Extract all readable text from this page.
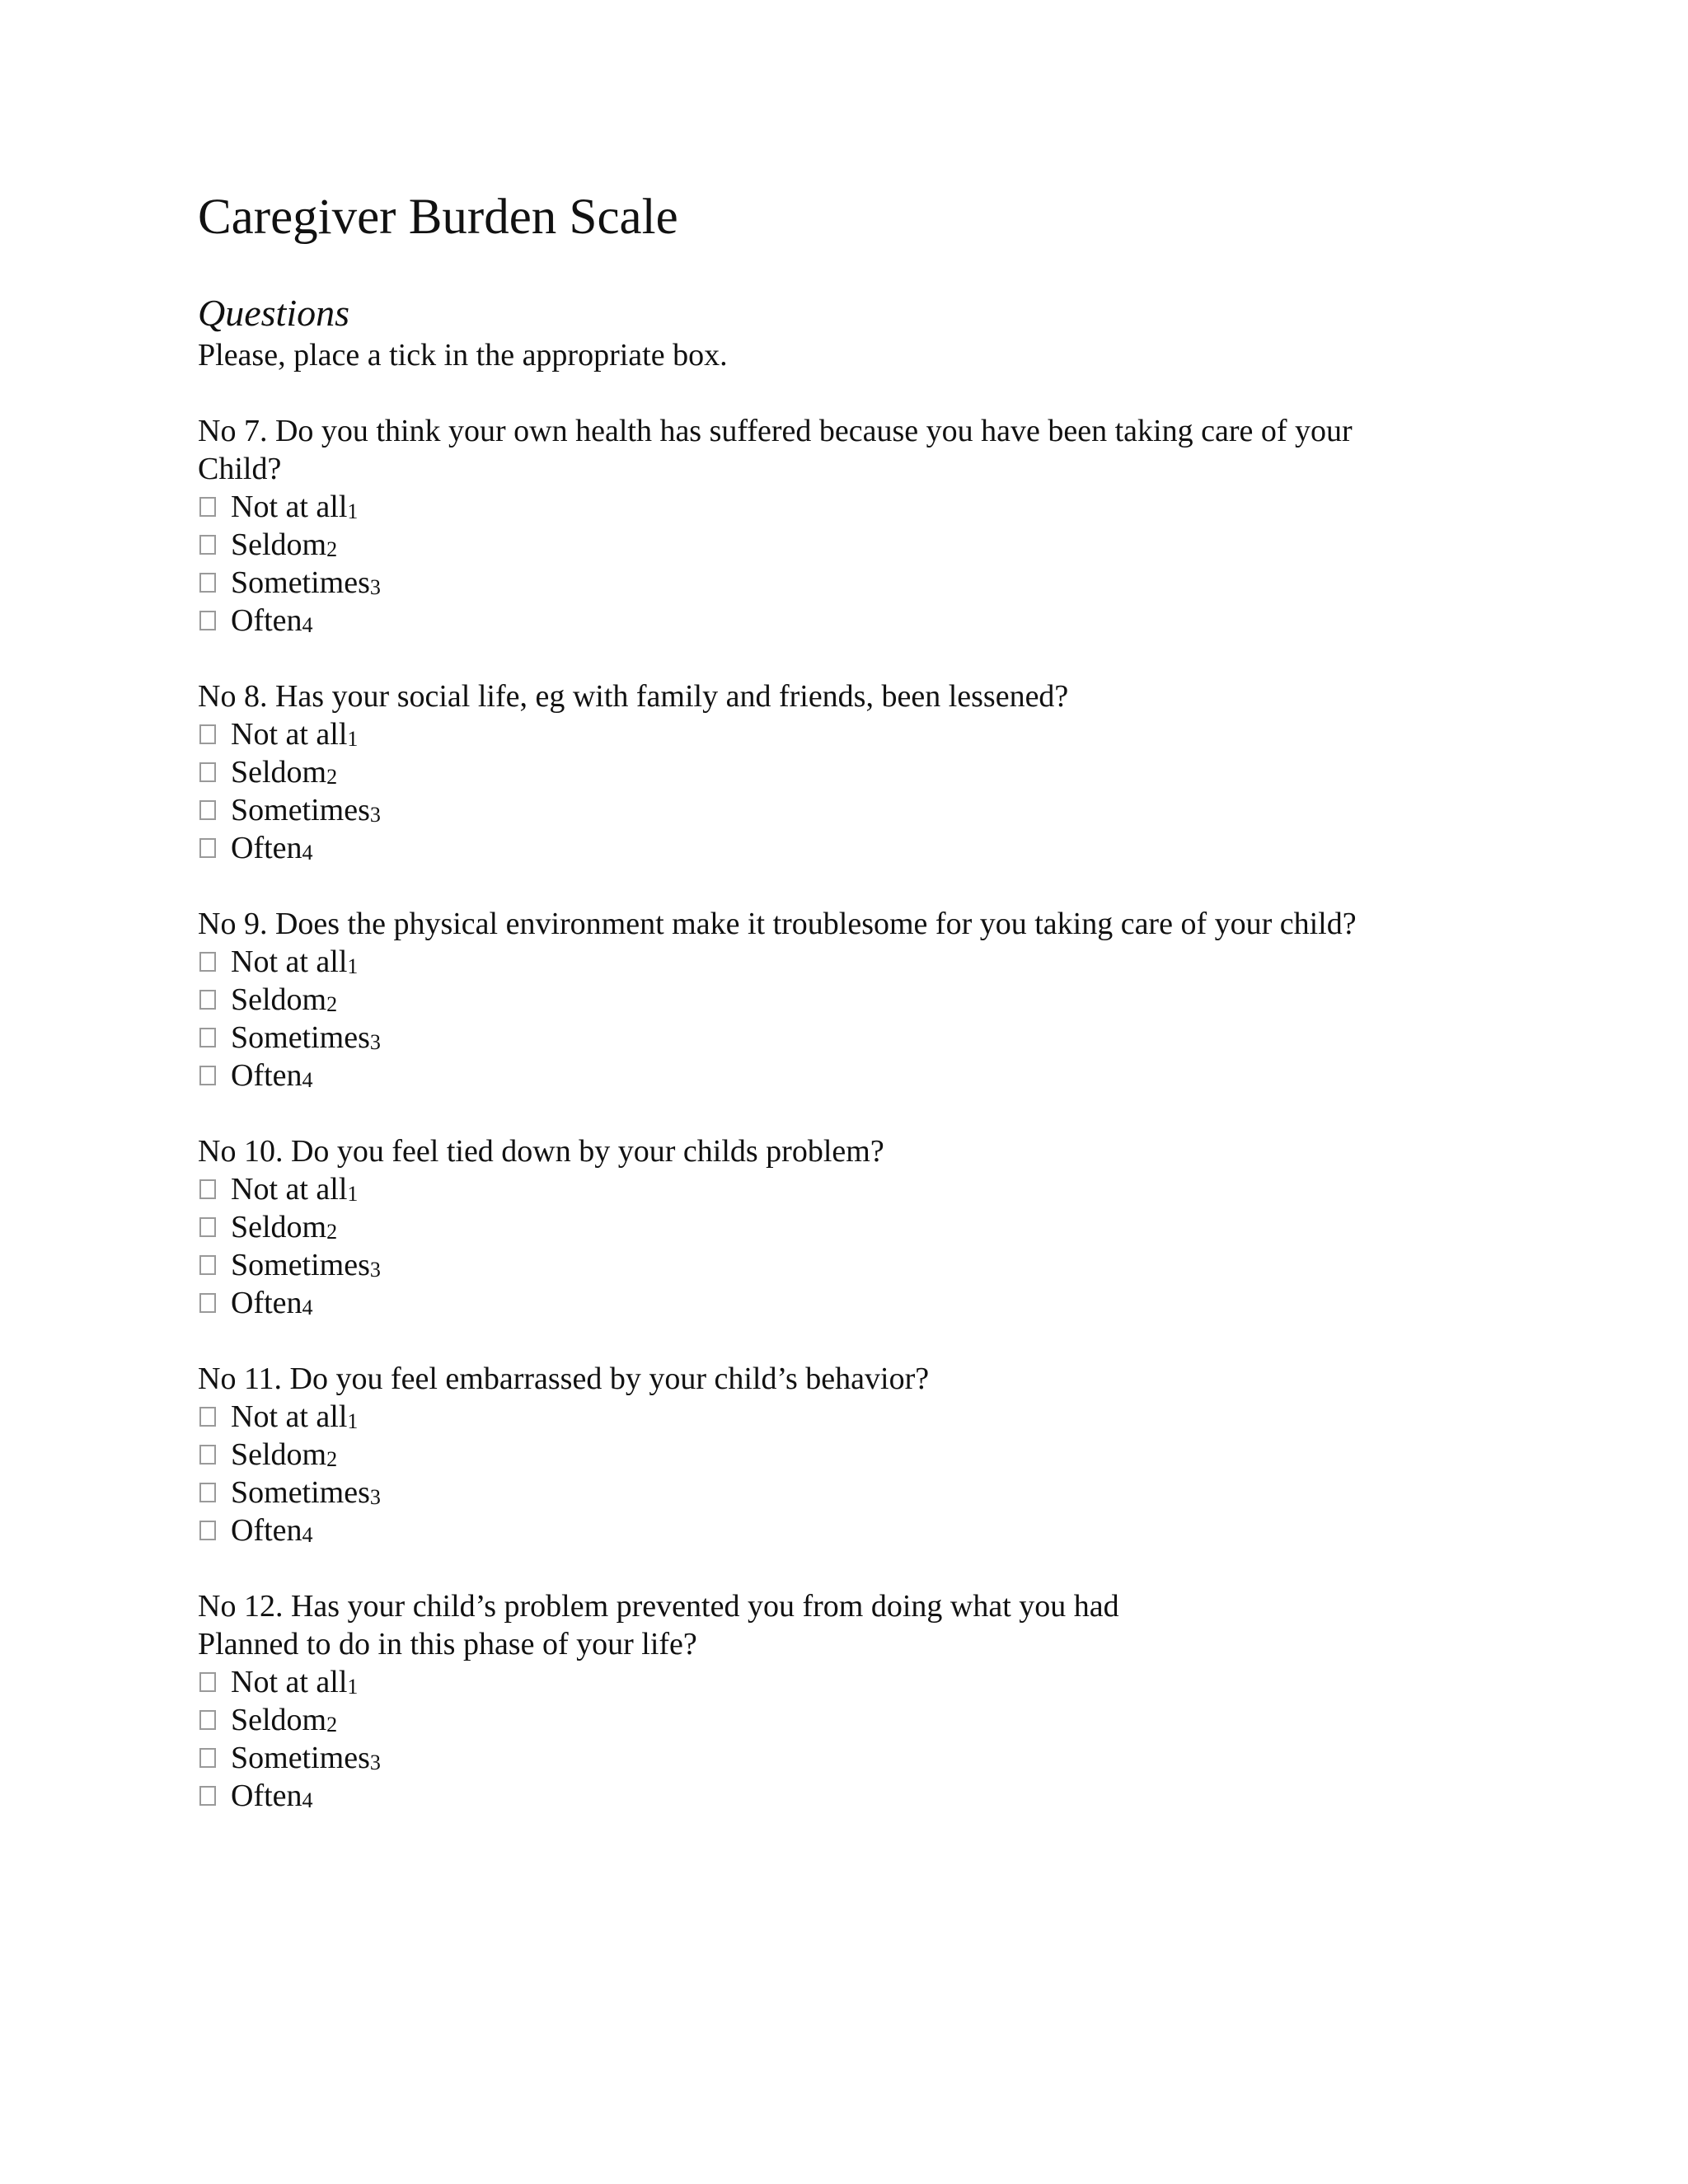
Caregiver Burden Scale
Questions

Please, place a tick in the appropriate box.

No 7. Do you think your own health has suffered because you have been taking care of your Child?

Not at all 1
Seldom 2
Sometimes 3
Often 4

No 8. Has your social life, eg with family and friends, been lessened?

Not at all 1
Seldom 2
Sometimes 3
Often 4

No 9. Does the physical environment make it troublesome for you taking care of your child?

Not at all 1
Seldom 2
Sometimes 3
Often 4

No 10. Do you feel tied down by your childs problem?

Not at all 1
Seldom 2
Sometimes 3
Often 4

No 11. Do you feel embarrassed by your child’s behavior?

Not at all 1
Seldom 2
Sometimes 3
Often 4

No 12. Has your child’s problem prevented you from doing what you had Planned to do in this phase of your life?

Not at all 1
Seldom 2
Sometimes 3
Often 4
